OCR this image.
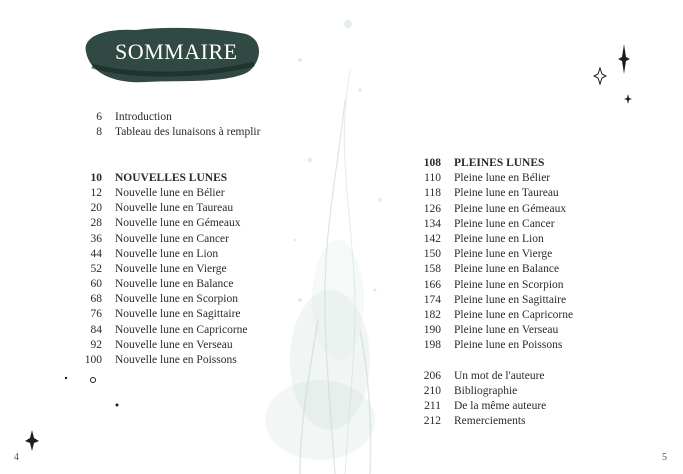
SOMMAIRE
6 Introduction
8 Tableau des lunaisons à remplir
10 NOUVELLES LUNES
12 Nouvelle lune en Bélier
20 Nouvelle lune en Taureau
28 Nouvelle lune en Gémeaux
36 Nouvelle lune en Cancer
44 Nouvelle lune en Lion
52 Nouvelle lune en Vierge
60 Nouvelle lune en Balance
68 Nouvelle lune en Scorpion
76 Nouvelle lune en Sagittaire
84 Nouvelle lune en Capricorne
92 Nouvelle lune en Verseau
100 Nouvelle lune en Poissons
108 PLEINES LUNES
110 Pleine lune en Bélier
118 Pleine lune en Taureau
126 Pleine lune en Gémeaux
134 Pleine lune en Cancer
142 Pleine lune en Lion
150 Pleine lune en Vierge
158 Pleine lune en Balance
166 Pleine lune en Scorpion
174 Pleine lune en Sagittaire
182 Pleine lune en Capricorne
190 Pleine lune en Verseau
198 Pleine lune en Poissons
206 Un mot de l'auteure
210 Bibliographie
211 De la même auteure
212 Remerciements
4	5
